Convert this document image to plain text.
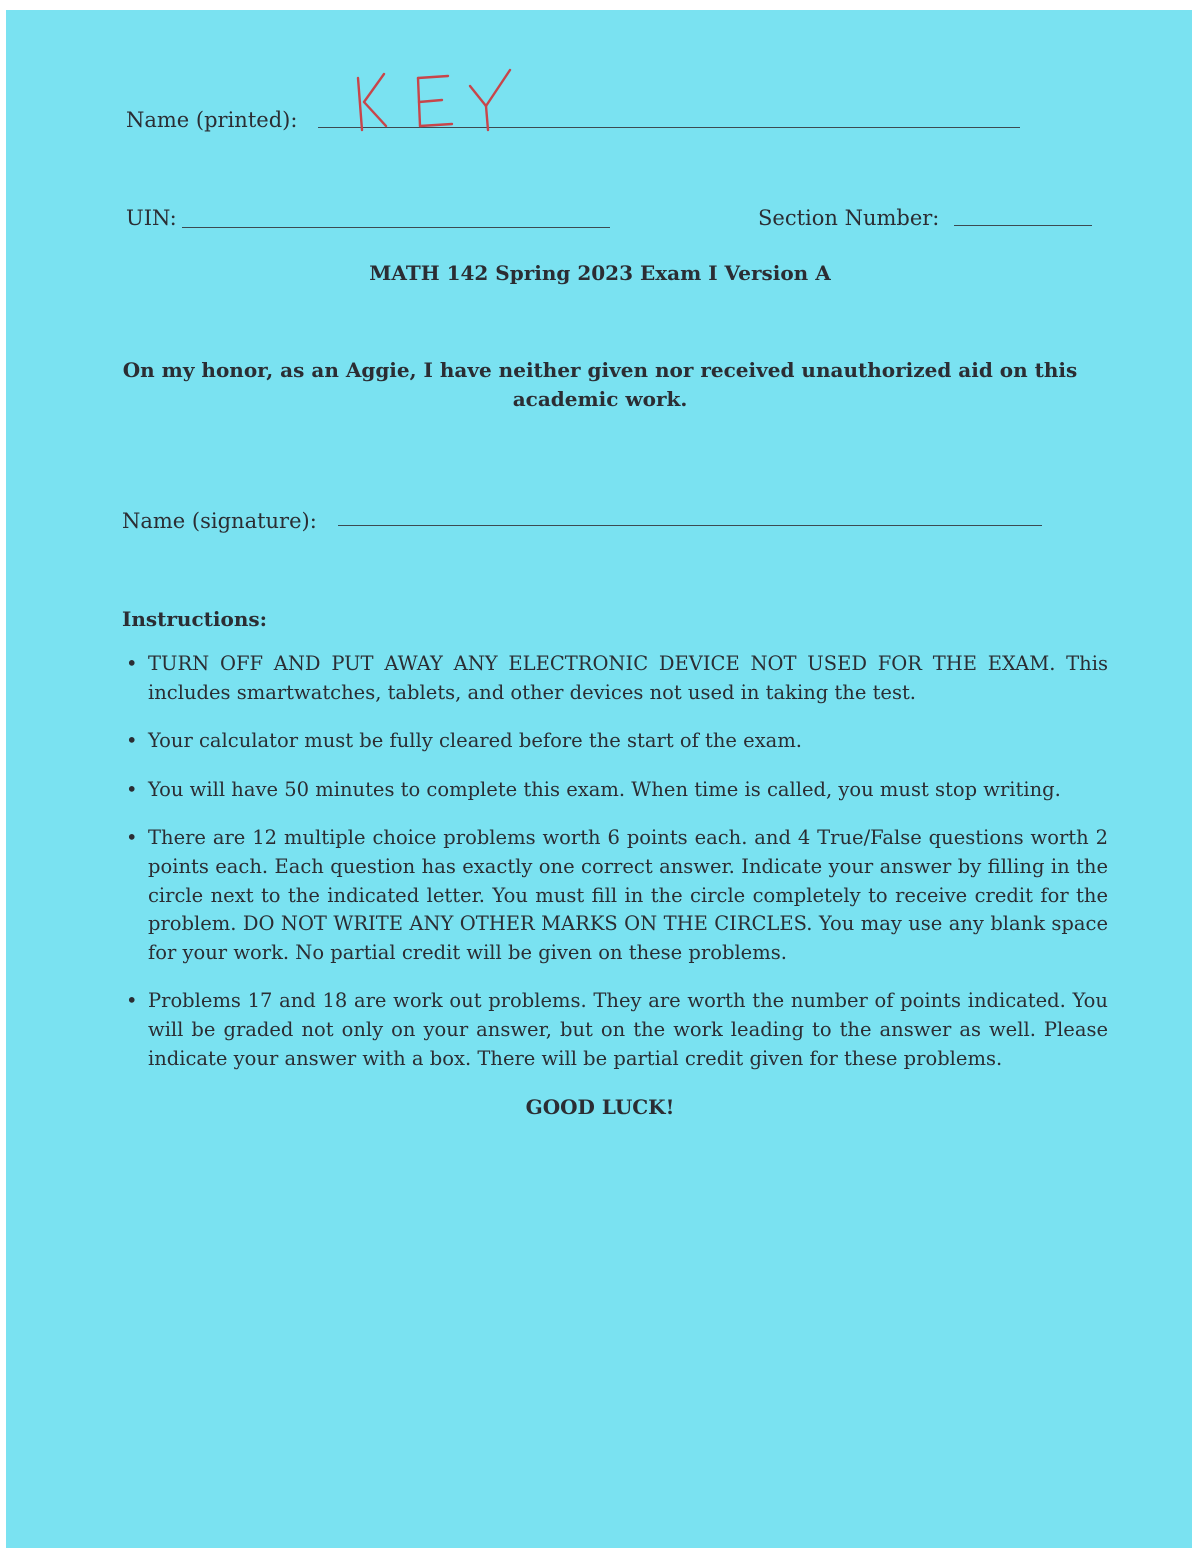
Name (printed):
UIN:	Section Number:
MATH 142 Spring 2023 Exam I Version A
On my honor, as an Aggie, I have neither given nor received unauthorized aid on this academic work.
Name (signature):
Instructions:
• TURN OFF AND PUT AWAY ANY ELECTRONIC DEVICE NOT USED FOR THE EXAM. This includes smartwatches, tablets, and other devices not used in taking the test.
• Your calculator must be fully cleared before the start of the exam.
• You will have 50 minutes to complete this exam. When time is called, you must stop writing.
• There are 12 multiple choice problems worth 6 points each. and 4 True/False questions worth 2 points each. Each question has exactly one correct answer. Indicate your answer by filling in the circle next to the indicated letter. You must fill in the circle completely to receive credit for the problem. DO NOT WRITE ANY OTHER MARKS ON THE CIRCLES. You may use any blank space for your work. No partial credit will be given on these problems.
• Problems 17 and 18 are work out problems. They are worth the number of points indicated. You will be graded not only on your answer, but on the work leading to the answer as well. Please indicate your answer with a box. There will be partial credit given for these problems.
GOOD LUCK!
